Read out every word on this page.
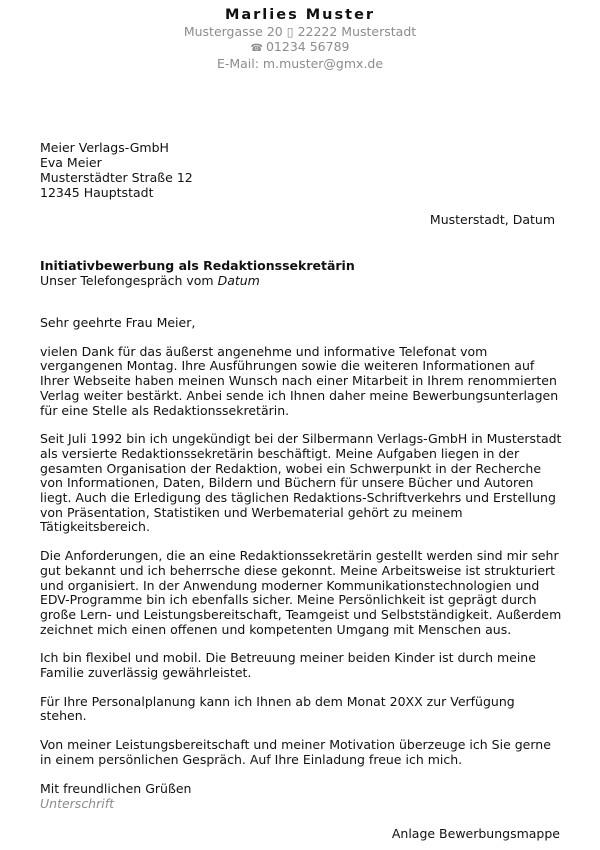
Marlies Muster
Mustergasse 20 ▯ 22222 Musterstadt
☎ 01234 56789
E-Mail: m.muster@gmx.de
Meier Verlags-GmbH
Eva Meier
Musterstädter Straße 12
12345 Hauptstadt
Musterstadt, Datum
Initiativbewerbung als Redaktionssekretärin
Unser Telefongespräch vom Datum
Sehr geehrte Frau Meier,

vielen Dank für das äußerst angenehme und informative Telefonat vom vergangenen Montag. Ihre Ausführungen sowie die weiteren Informationen auf Ihrer Webseite haben meinen Wunsch nach einer Mitarbeit in Ihrem renommierten Verlag weiter bestärkt. Anbei sende ich Ihnen daher meine Bewerbungsunterlagen für eine Stelle als Redaktionssekretärin.

Seit Juli 1992 bin ich ungekündigt bei der Silbermann Verlags-GmbH in Musterstadt als versierte Redaktionssekretärin beschäftigt. Meine Aufgaben liegen in der gesamten Organisation der Redaktion, wobei ein Schwerpunkt in der Recherche von Informationen, Daten, Bildern und Büchern für unsere Bücher und Autoren liegt. Auch die Erledigung des täglichen Redaktions-Schriftverkehrs und Erstellung von Präsentation, Statistiken und Werbematerial gehört zu meinem Tätigkeitsbereich.

Die Anforderungen, die an eine Redaktionssekretärin gestellt werden sind mir sehr gut bekannt und ich beherrsche diese gekonnt. Meine Arbeitsweise ist strukturiert und organisiert. In der Anwendung moderner Kommunikationstechnologien und EDV-Programme bin ich ebenfalls sicher. Meine Persönlichkeit ist geprägt durch große Lern- und Leistungsbereitschaft, Teamgeist und Selbstständigkeit. Außerdem zeichnet mich einen offenen und kompetenten Umgang mit Menschen aus.

Ich bin flexibel und mobil. Die Betreuung meiner beiden Kinder ist durch meine Familie zuverlässig gewährleistet.

Für Ihre Personalplanung kann ich Ihnen ab dem Monat 20XX zur Verfügung stehen.

Von meiner Leistungsbereitschaft und meiner Motivation überzeuge ich Sie gerne in einem persönlichen Gespräch. Auf Ihre Einladung freue ich mich.

Mit freundlichen Grüßen
Unterschrift
Anlage Bewerbungsmappe
